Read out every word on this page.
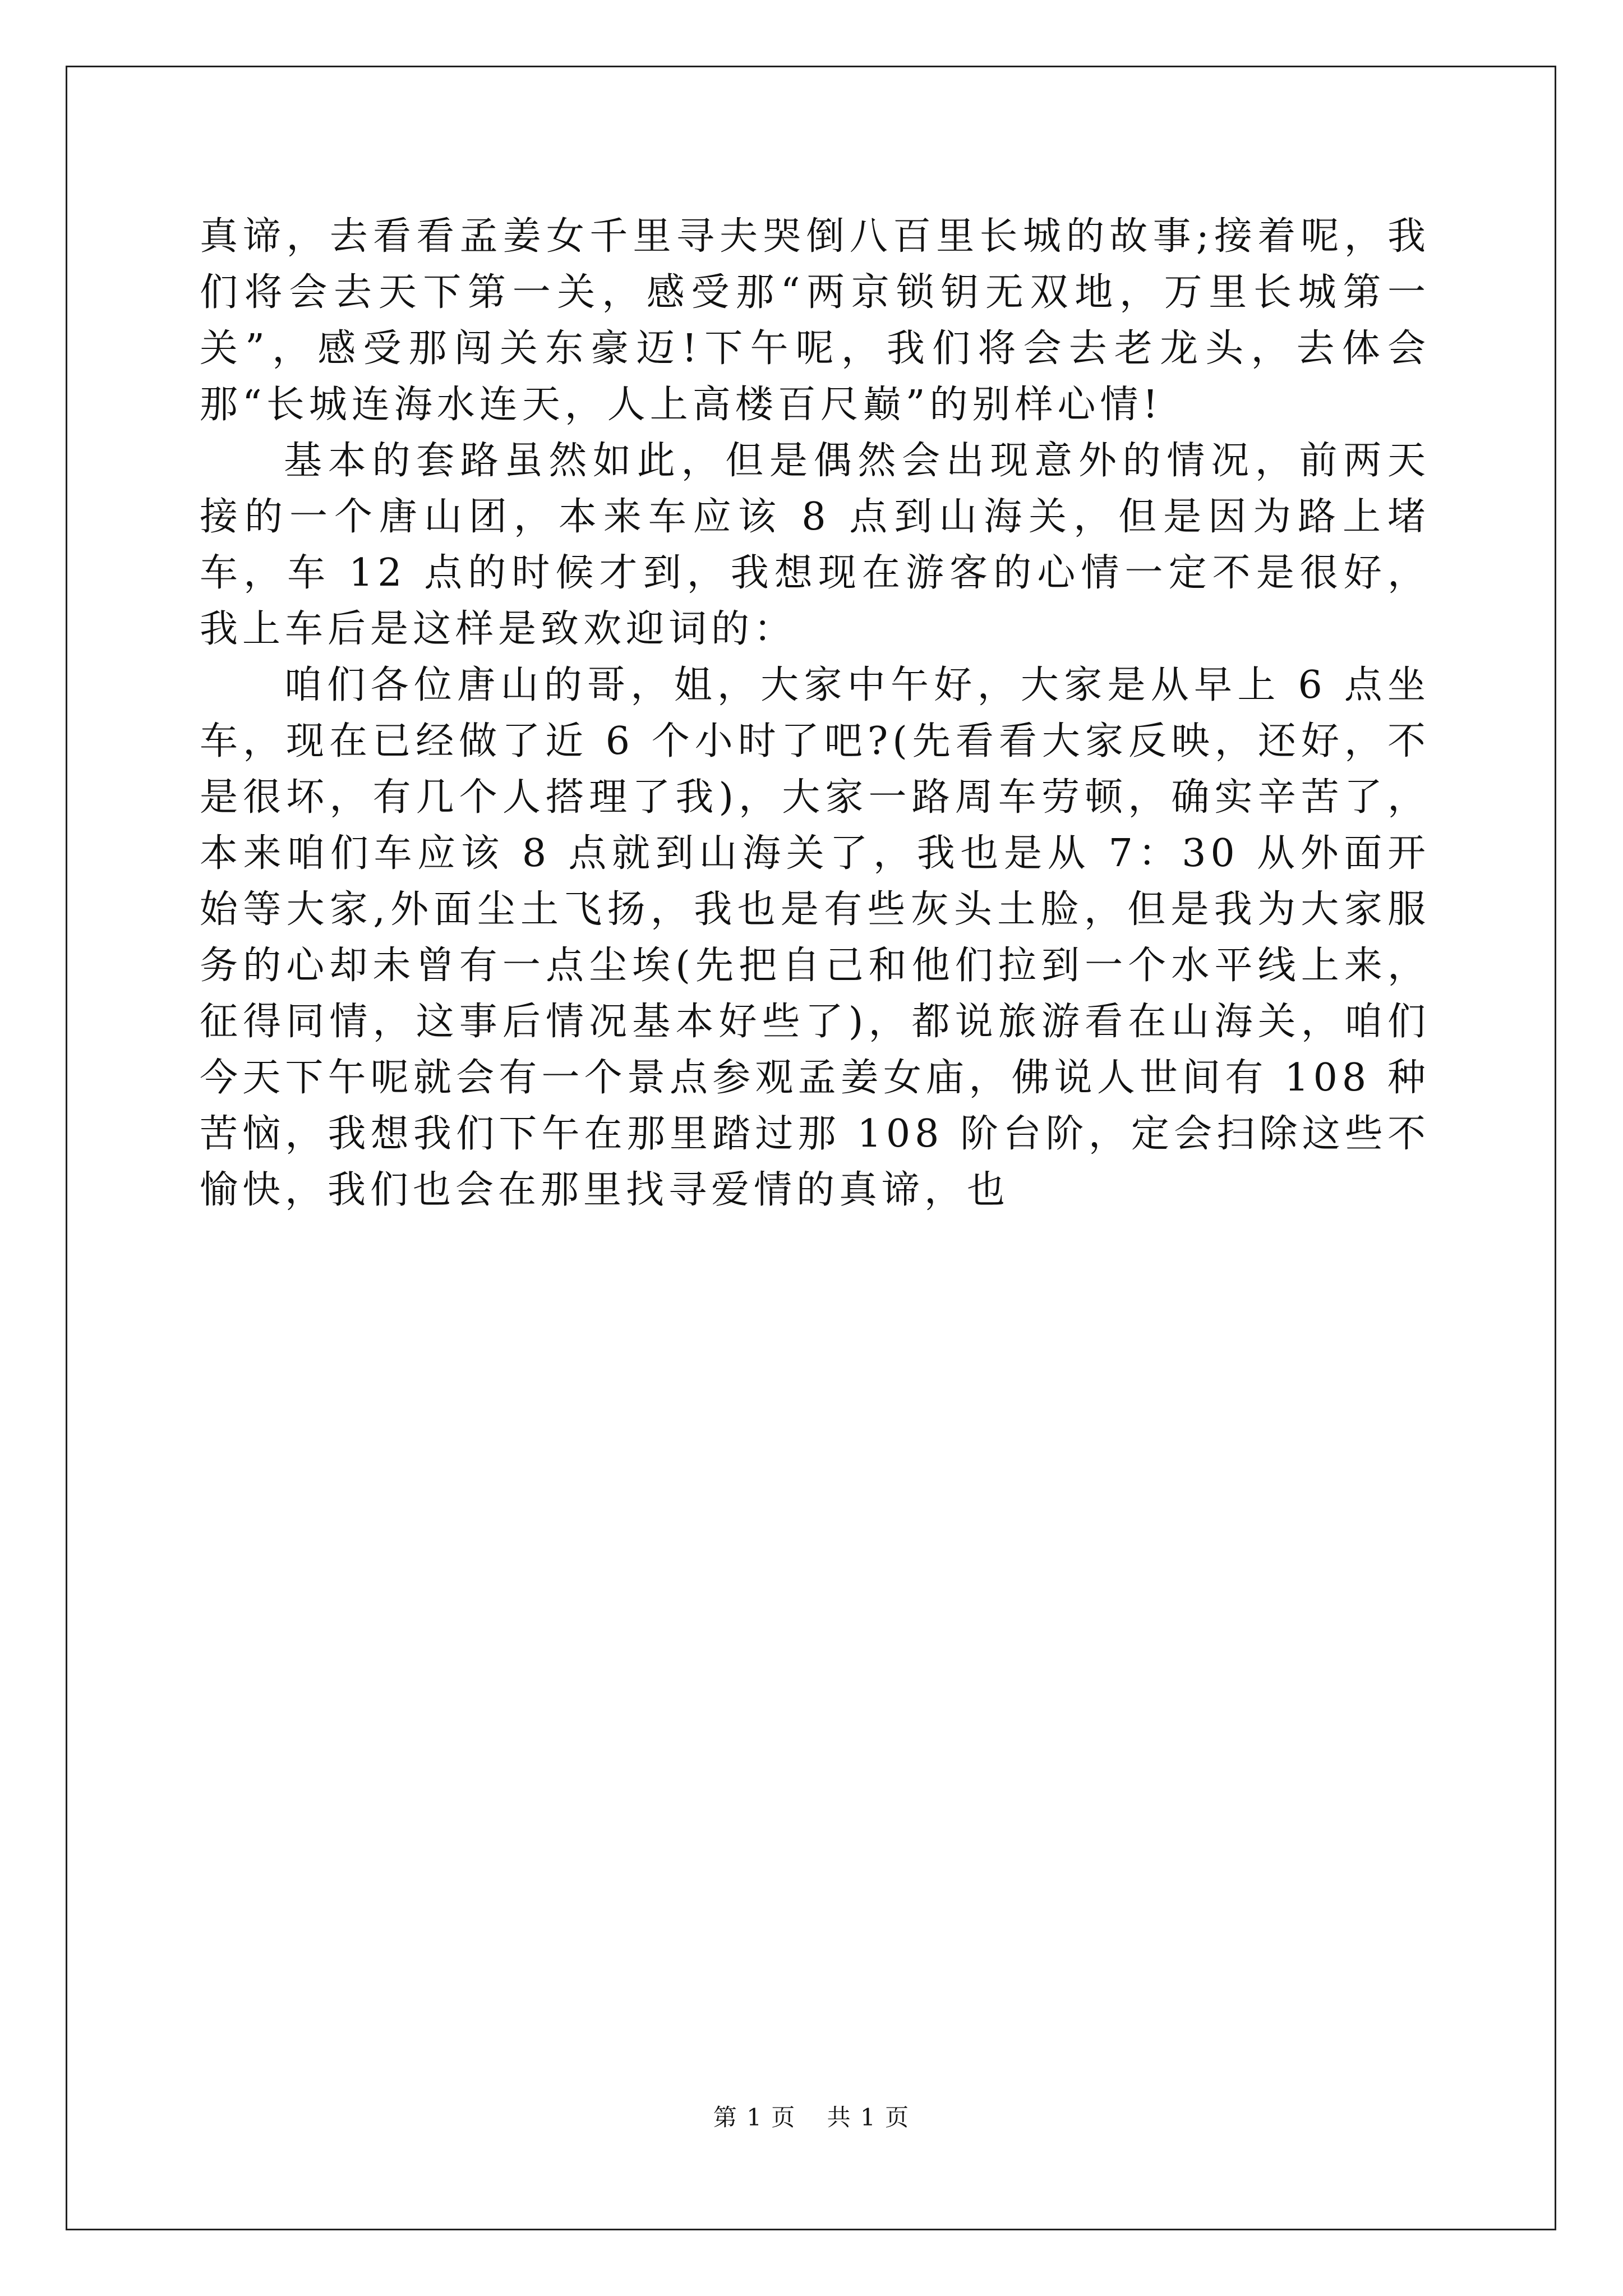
真谛，去看看孟姜女千里寻夫哭倒八百里长城的故事;接着呢，我们将会去天下第一关，感受那“两京锁钥无双地，万里长城第一关”，感受那闯关东豪迈!下午呢，我们将会去老龙头，去体会那“长城连海水连天，人上高楼百尺巅”的别样心情!

基本的套路虽然如此，但是偶然会出现意外的情况，前两天接的一个唐山团，本来车应该 8 点到山海关，但是因为路上堵车，车 12 点的时候才到，我想现在游客的心情一定不是很好，我上车后是这样是致欢迎词的：

咱们各位唐山的哥，姐，大家中午好，大家是从早上 6 点坐车，现在已经做了近 6 个小时了吧?(先看看大家反映，还好，不是很坏，有几个人搭理了我)，大家一路周车劳顿，确实辛苦了，本来咱们车应该 8 点就到山海关了，我也是从 7：30 从外面开始等大家,外面尘土飞扬，我也是有些灰头土脸，但是我为大家服务的心却未曾有一点尘埃(先把自己和他们拉到一个水平线上来，征得同情，这事后情况基本好些了)，都说旅游看在山海关，咱们今天下午呢就会有一个景点参观孟姜女庙，佛说人世间有 108 种苦恼，我想我们下午在那里踏过那 108 阶台阶，定会扫除这些不愉快，我们也会在那里找寻爱情的真谛，也

第 1 页 共 1 页
